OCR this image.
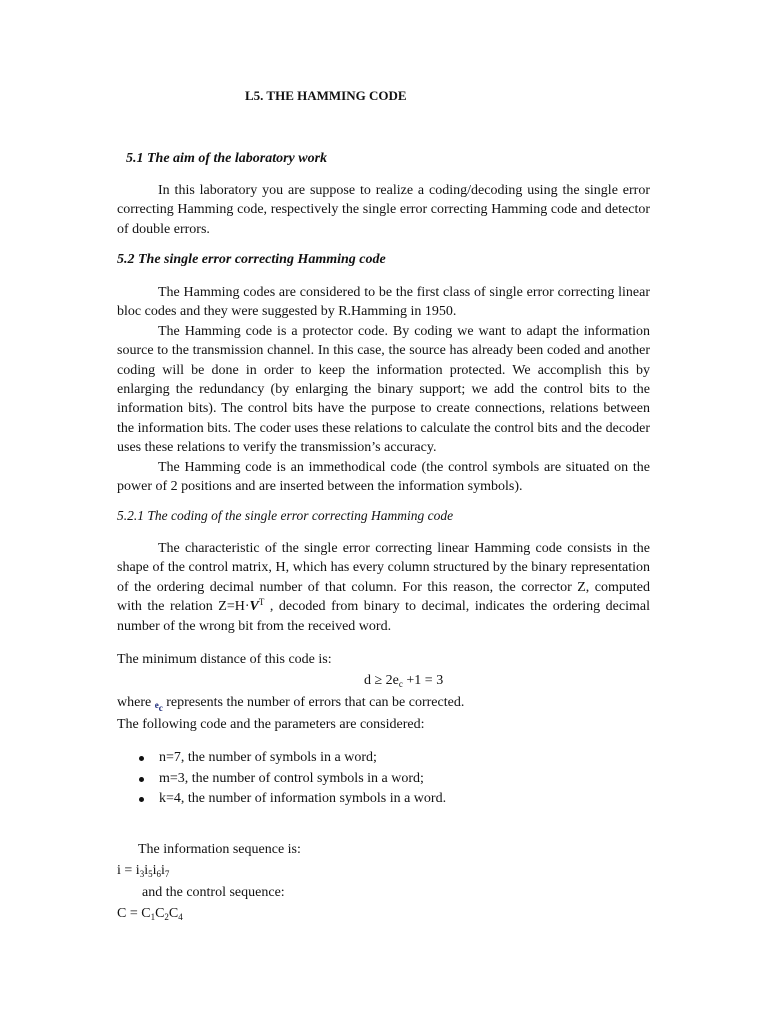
L5. THE HAMMING CODE
5.1 The aim of the laboratory work

In this laboratory you are suppose to realize a coding/decoding using the single error correcting Hamming code, respectively the single error correcting Hamming code and detector of double errors.

5.2 The single error correcting Hamming code

The Hamming codes are considered to be the first class of single error correcting linear bloc codes and they were suggested by R.Hamming in 1950.

The Hamming code is a protector code. By coding we want to adapt the information source to the transmission channel. In this case, the source has already been coded and another coding will be done in order to keep the information protected. We accomplish this by enlarging the redundancy (by enlarging the binary support; we add the control bits to the information bits). The control bits have the purpose to create connections, relations between the information bits. The coder uses these relations to calculate the control bits and the decoder uses these relations to verify the transmission’s accuracy.

The Hamming code is an immethodical code (the control symbols are situated on the power of 2 positions and are inserted between the information symbols).

5.2.1 The coding of the single error correcting Hamming code

The characteristic of the single error correcting linear Hamming code consists in the shape of the control matrix, H, which has every column structured by the binary representation of the ordering decimal number of that column. For this reason, the corrector Z, computed with the relation $Z=H\cdot V^T$ , decoded from binary to decimal, indicates the ordering decimal number of the wrong bit from the received word.

The minimum distance of this code is:
$d \ge 2e_c +1 = 3$
where $e_c$ represents the number of errors that can be corrected.
The following code and the parameters are considered:
n=7, the number of symbols in a word;
m=3, the number of control symbols in a word;
k=4, the number of information symbols in a word.
The information sequence is:
$i = i_3i_5i_6i_7$
and the control sequence:
$C = C_1C_2C_4$
